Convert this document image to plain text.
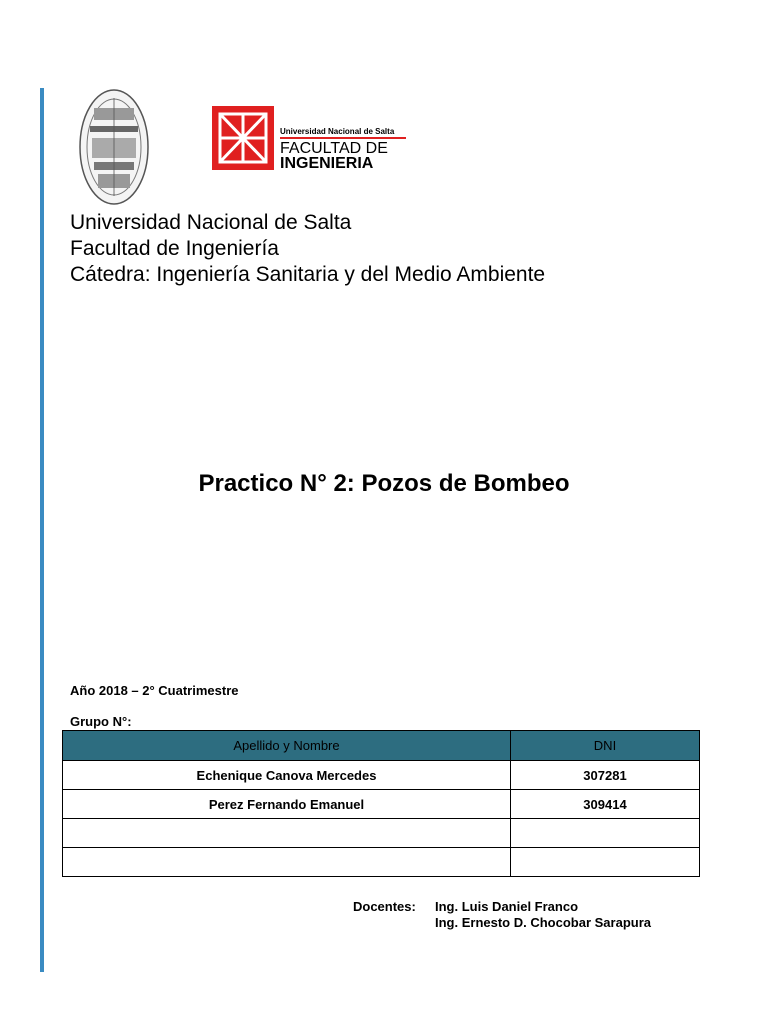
Universidad Nacional de Salta
FACULTAD DE
INGENIERIA
Universidad Nacional de Salta
Facultad de Ingeniería
Cátedra: Ingeniería Sanitaria y del Medio Ambiente
Practico N° 2: Pozos de Bombeo
Año 2018 – 2° Cuatrimestre
Grupo N°:
Apellido y Nombre	DNI
Echenique Canova Mercedes	307281
Perez Fernando Emanuel	309414

Docentes:	Ing. Luis Daniel Franco
Ing. Ernesto D. Chocobar Sarapura
